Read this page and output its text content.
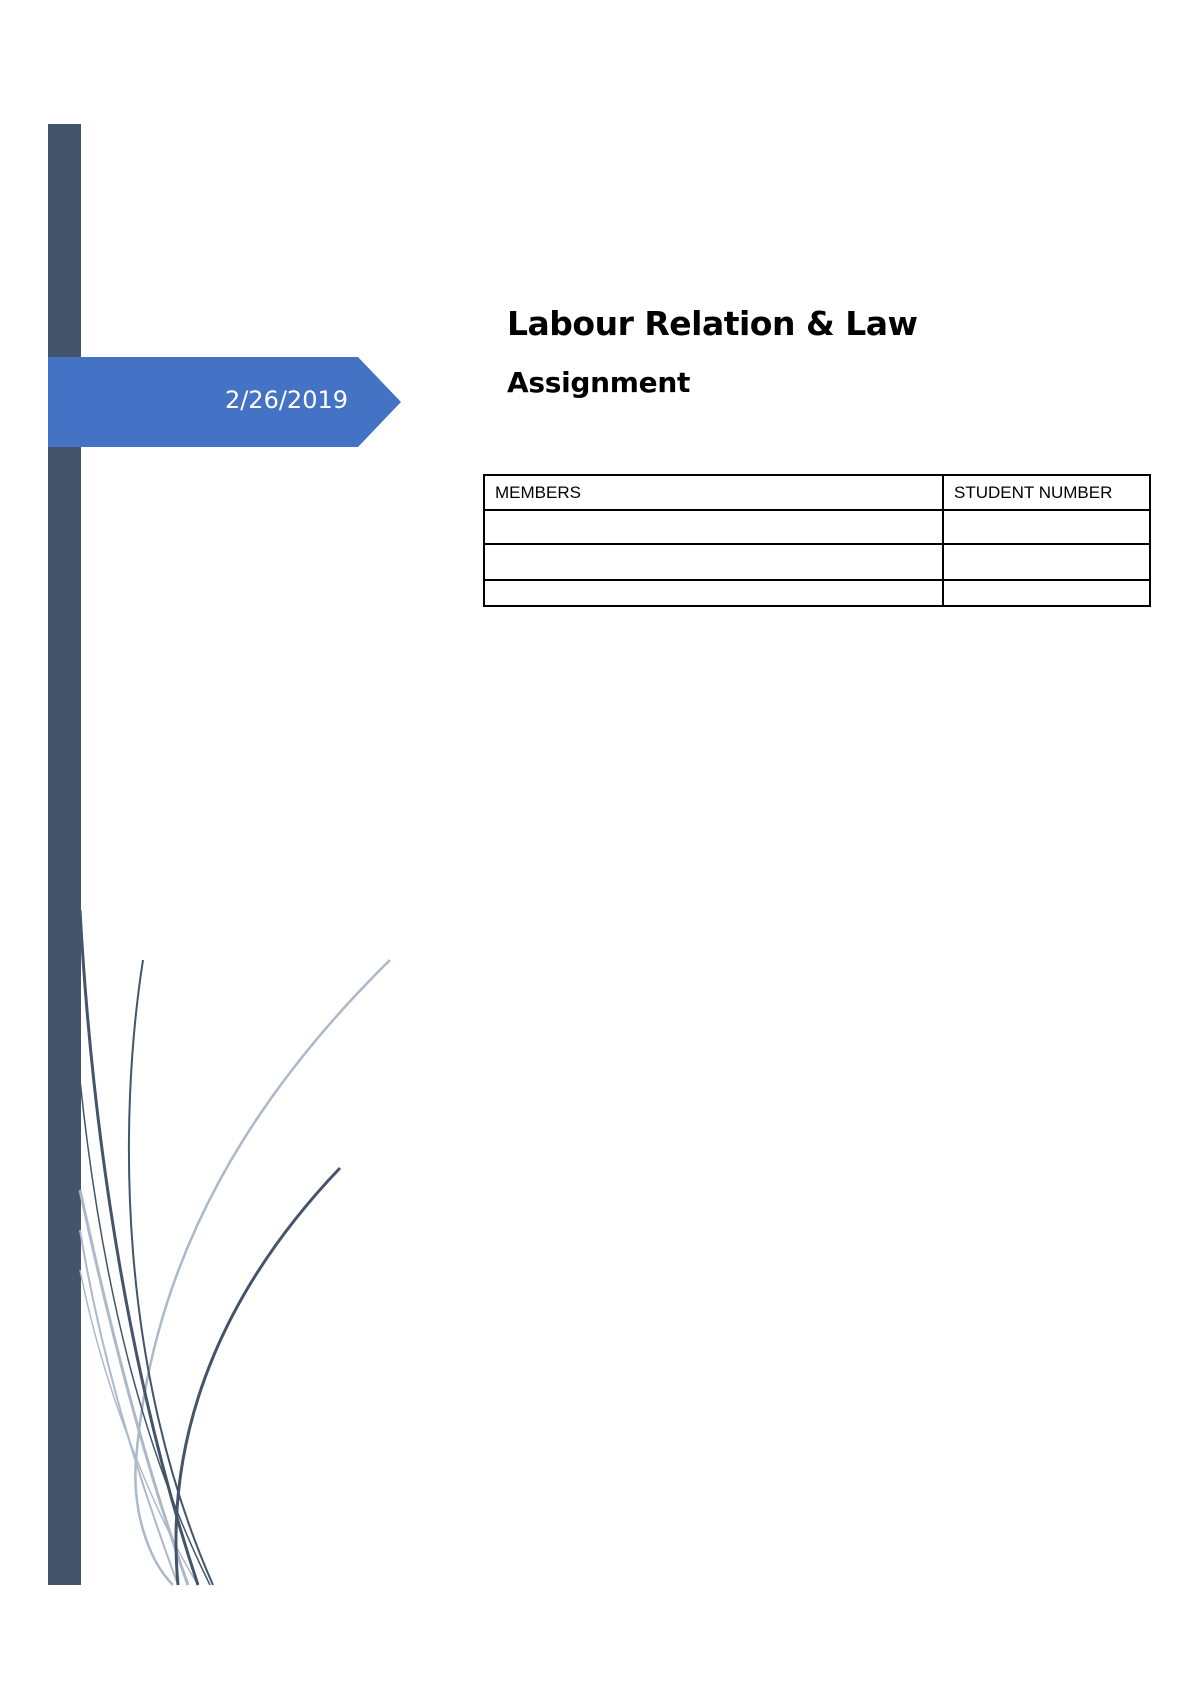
2/26/2019
Labour Relation & Law
Assignment
MEMBERS	STUDENT NUMBER
